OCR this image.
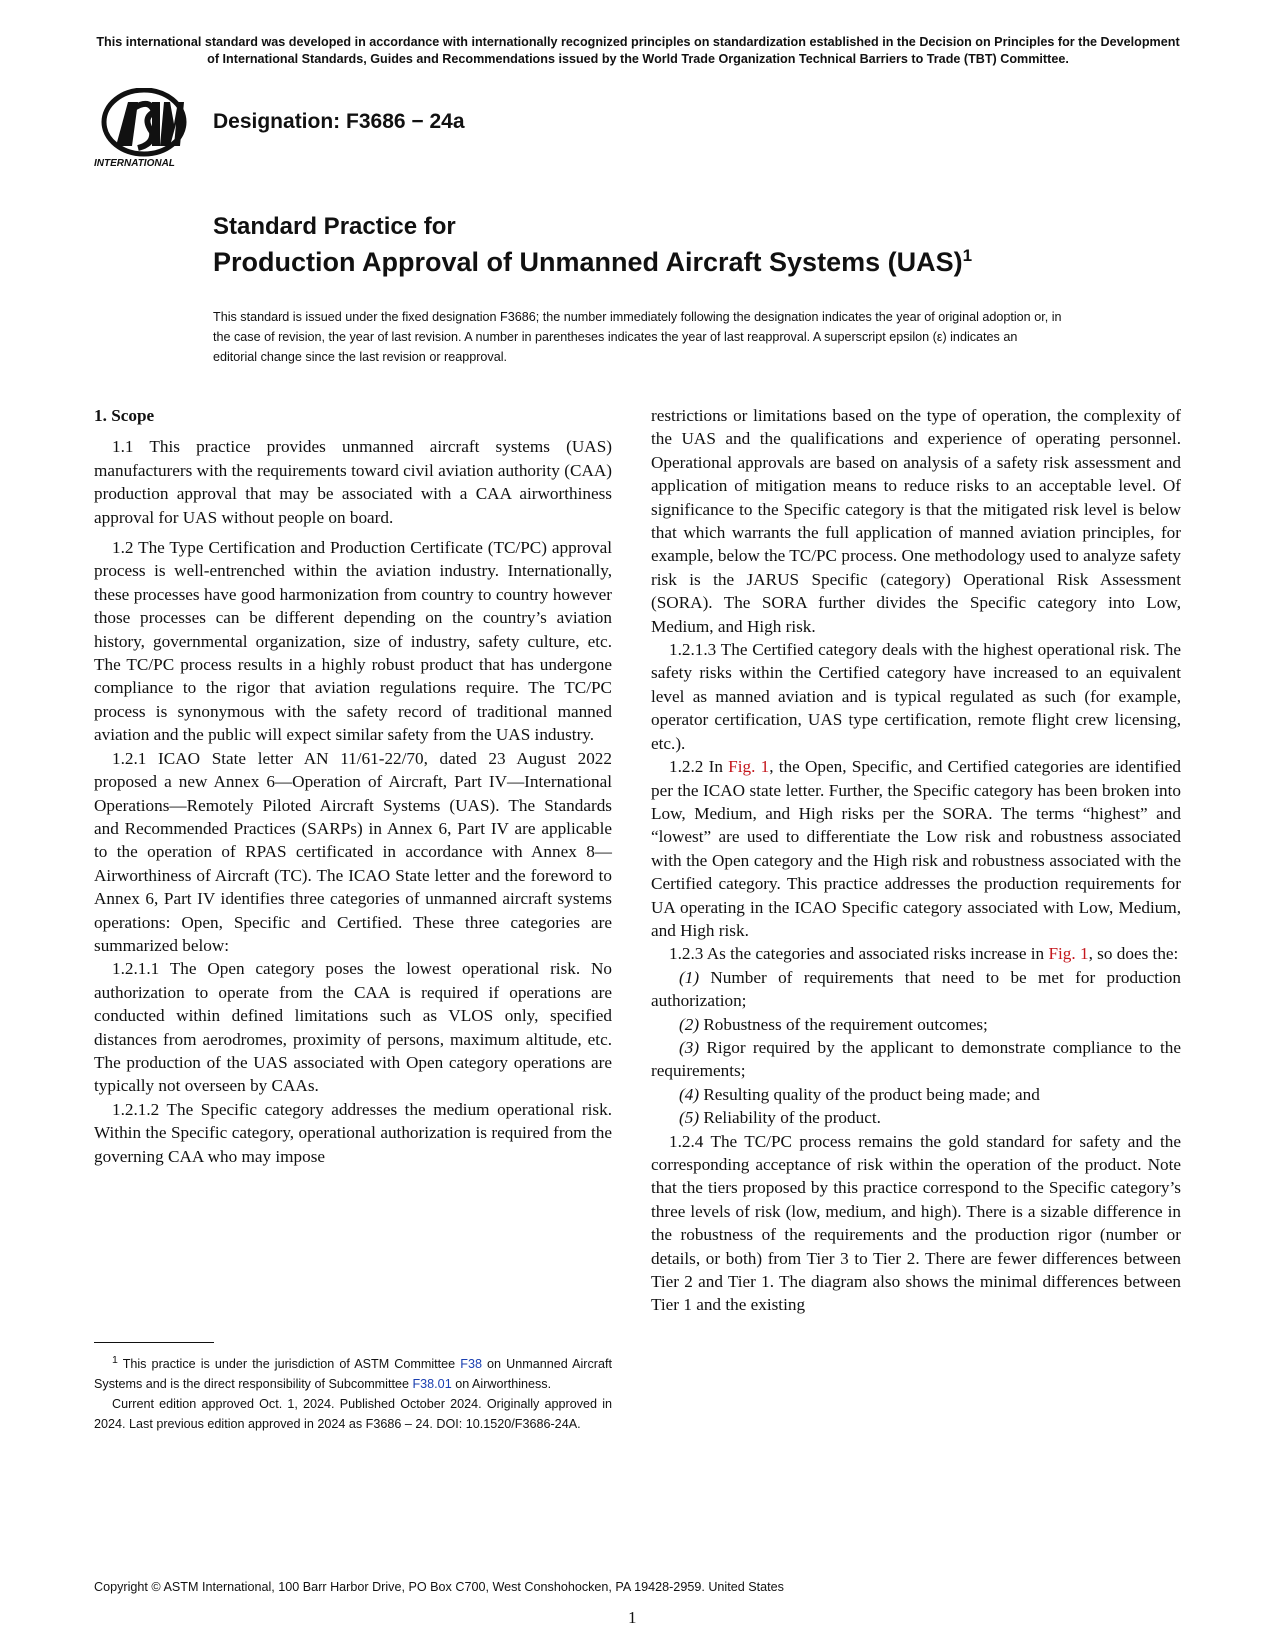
This international standard was developed in accordance with internationally recognized principles on standardization established in the Decision on Principles for the Development of International Standards, Guides and Recommendations issued by the World Trade Organization Technical Barriers to Trade (TBT) Committee.
INTERNATIONAL
Designation: F3686 − 24a
Standard Practice for
Production Approval of Unmanned Aircraft Systems (UAS)$^1$
This standard is issued under the fixed designation F3686; the number immediately following the designation indicates the year of original adoption or, in the case of revision, the year of last revision. A number in parentheses indicates the year of last reapproval. A superscript epsilon (ε) indicates an editorial change since the last revision or reapproval.

1. Scope

1.1 This practice provides unmanned aircraft systems (UAS) manufacturers with the requirements toward civil aviation authority (CAA) production approval that may be associated with a CAA airworthiness approval for UAS without people on board.

1.2 The Type Certification and Production Certificate (TC/PC) approval process is well-entrenched within the aviation industry. Internationally, these processes have good harmonization from country to country however those processes can be different depending on the country’s aviation history, governmental organization, size of industry, safety culture, etc. The TC/PC process results in a highly robust product that has undergone compliance to the rigor that aviation regulations require. The TC/PC process is synonymous with the safety record of traditional manned aviation and the public will expect similar safety from the UAS industry.

1.2.1 ICAO State letter AN 11/61-22/70, dated 23 August 2022 proposed a new Annex 6—Operation of Aircraft, Part IV—International Operations—Remotely Piloted Aircraft Systems (UAS). The Standards and Recommended Practices (SARPs) in Annex 6, Part IV are applicable to the operation of RPAS certificated in accordance with Annex 8—Airworthiness of Aircraft (TC). The ICAO State letter and the foreword to Annex 6, Part IV identifies three categories of unmanned aircraft systems operations: Open, Specific and Certified. These three categories are summarized below:

1.2.1.1 The Open category poses the lowest operational risk. No authorization to operate from the CAA is required if operations are conducted within defined limitations such as VLOS only, specified distances from aerodromes, proximity of persons, maximum altitude, etc. The production of the UAS associated with Open category operations are typically not overseen by CAAs.

1.2.1.2 The Specific category addresses the medium operational risk. Within the Specific category, operational authorization is required from the governing CAA who may impose

restrictions or limitations based on the type of operation, the complexity of the UAS and the qualifications and experience of operating personnel. Operational approvals are based on analysis of a safety risk assessment and application of mitigation means to reduce risks to an acceptable level. Of significance to the Specific category is that the mitigated risk level is below that which warrants the full application of manned aviation principles, for example, below the TC/PC process. One methodology used to analyze safety risk is the JARUS Specific (category) Operational Risk Assessment (SORA). The SORA further divides the Specific category into Low, Medium, and High risk.

1.2.1.3 The Certified category deals with the highest operational risk. The safety risks within the Certified category have increased to an equivalent level as manned aviation and is typical regulated as such (for example, operator certification, UAS type certification, remote flight crew licensing, etc.).

1.2.2 In Fig. 1, the Open, Specific, and Certified categories are identified per the ICAO state letter. Further, the Specific category has been broken into Low, Medium, and High risks per the SORA. The terms “highest” and “lowest” are used to differentiate the Low risk and robustness associated with the Open category and the High risk and robustness associated with the Certified category. This practice addresses the production requirements for UA operating in the ICAO Specific category associated with Low, Medium, and High risk.

1.2.3 As the categories and associated risks increase in Fig. 1, so does the:

(1) Number of requirements that need to be met for production authorization;

(2) Robustness of the requirement outcomes;

(3) Rigor required by the applicant to demonstrate compliance to the requirements;

(4) Resulting quality of the product being made; and

(5) Reliability of the product.

1.2.4 The TC/PC process remains the gold standard for safety and the corresponding acceptance of risk within the operation of the product. Note that the tiers proposed by this practice correspond to the Specific category’s three levels of risk (low, medium, and high). There is a sizable difference in the robustness of the requirements and the production rigor (number or details, or both) from Tier 3 to Tier 2. There are fewer differences between Tier 2 and Tier 1. The diagram also shows the minimal differences between Tier 1 and the existing

$^1$ This practice is under the jurisdiction of ASTM Committee F38 on Unmanned Aircraft Systems and is the direct responsibility of Subcommittee F38.01 on Airworthiness.

Current edition approved Oct. 1, 2024. Published October 2024. Originally approved in 2024. Last previous edition approved in 2024 as F3686 – 24. DOI: 10.1520/F3686-24A.

Copyright © ASTM International, 100 Barr Harbor Drive, PO Box C700, West Conshohocken, PA 19428-2959. United States
1
